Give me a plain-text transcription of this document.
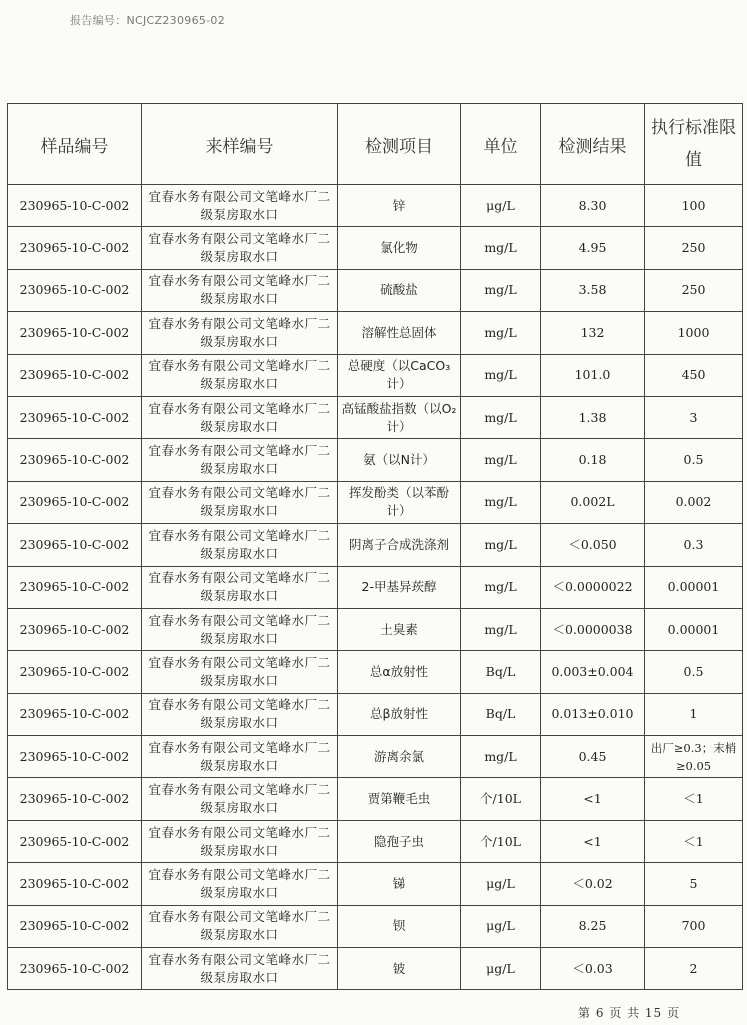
报告编号：NCJCZ230965-02
样品编号	来样编号	检测项目	单位	检测结果	执行标准限值
230965-10-C-002	宜春水务有限公司文笔峰水厂二级泵房取水口	锌	μg/L	8.30	100
230965-10-C-002	宜春水务有限公司文笔峰水厂二级泵房取水口	氯化物	mg/L	4.95	250
230965-10-C-002	宜春水务有限公司文笔峰水厂二级泵房取水口	硫酸盐	mg/L	3.58	250
230965-10-C-002	宜春水务有限公司文笔峰水厂二级泵房取水口	溶解性总固体	mg/L	132	1000
230965-10-C-002	宜春水务有限公司文笔峰水厂二级泵房取水口	总硬度（以CaCO₃计）	mg/L	101.0	450
230965-10-C-002	宜春水务有限公司文笔峰水厂二级泵房取水口	高锰酸盐指数（以O₂计）	mg/L	1.38	3
230965-10-C-002	宜春水务有限公司文笔峰水厂二级泵房取水口	氨（以N计）	mg/L	0.18	0.5
230965-10-C-002	宜春水务有限公司文笔峰水厂二级泵房取水口	挥发酚类（以苯酚计）	mg/L	0.002L	0.002
230965-10-C-002	宜春水务有限公司文笔峰水厂二级泵房取水口	阴离子合成洗涤剂	mg/L	＜0.050	0.3
230965-10-C-002	宜春水务有限公司文笔峰水厂二级泵房取水口	2-甲基异莰醇	mg/L	＜0.0000022	0.00001
230965-10-C-002	宜春水务有限公司文笔峰水厂二级泵房取水口	土臭素	mg/L	＜0.0000038	0.00001
230965-10-C-002	宜春水务有限公司文笔峰水厂二级泵房取水口	总α放射性	Bq/L	0.003±0.004	0.5
230965-10-C-002	宜春水务有限公司文笔峰水厂二级泵房取水口	总β放射性	Bq/L	0.013±0.010	1
230965-10-C-002	宜春水务有限公司文笔峰水厂二级泵房取水口	游离余氯	mg/L	0.45	出厂≥0.3；末梢≥0.05
230965-10-C-002	宜春水务有限公司文笔峰水厂二级泵房取水口	贾第鞭毛虫	个/10L	<1	＜1
230965-10-C-002	宜春水务有限公司文笔峰水厂二级泵房取水口	隐孢子虫	个/10L	<1	＜1
230965-10-C-002	宜春水务有限公司文笔峰水厂二级泵房取水口	锑	μg/L	＜0.02	5
230965-10-C-002	宜春水务有限公司文笔峰水厂二级泵房取水口	钡	μg/L	8.25	700
230965-10-C-002	宜春水务有限公司文笔峰水厂二级泵房取水口	铍	μg/L	＜0.03	2
第 6 页 共 15 页
